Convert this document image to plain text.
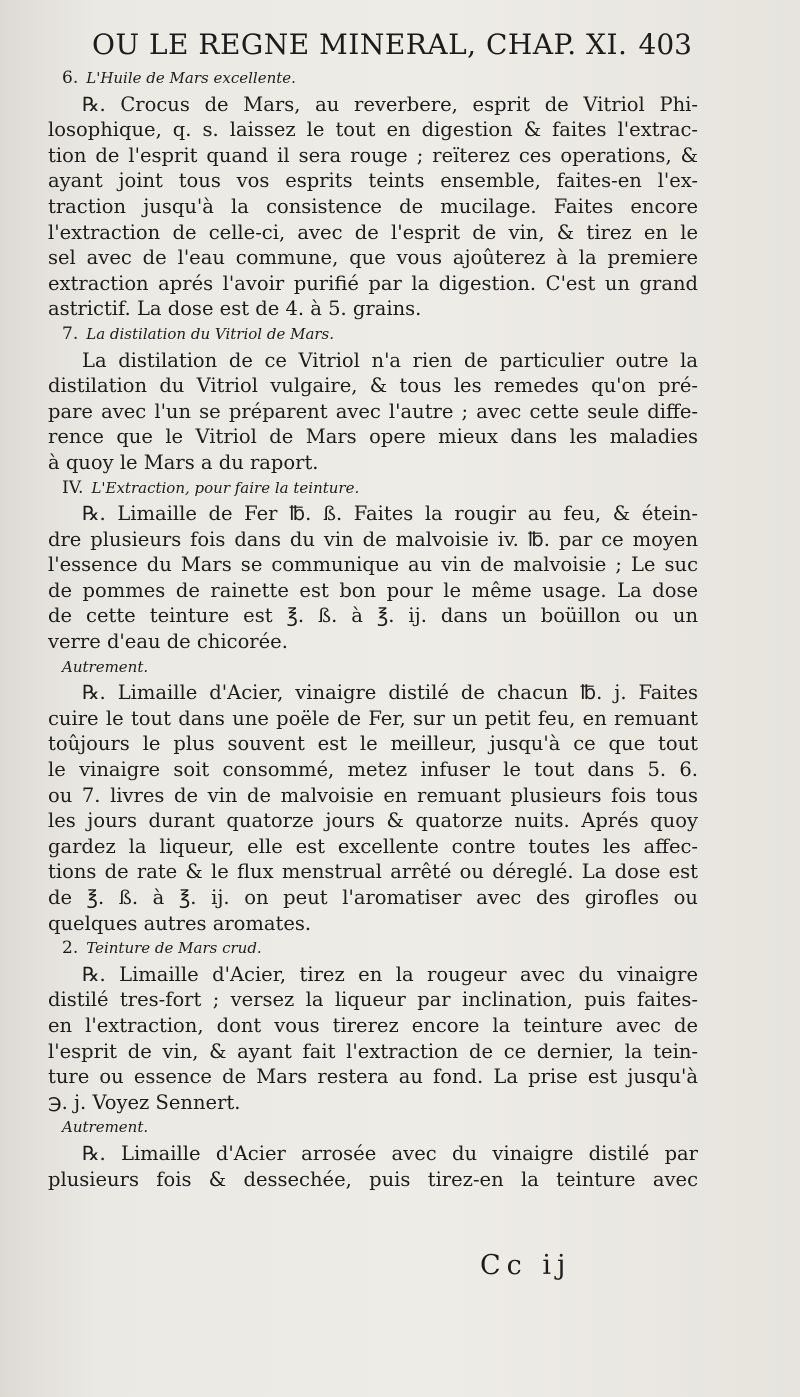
OU LE REGNE MINERAL, CHAP. XI. 403
6. L'Huile de Mars excellente.
℞. Crocus de Mars, au reverbere, esprit de Vitriol Phi-
losophique, q. s. laissez le tout en digestion & faites l'extrac-
tion de l'esprit quand il sera rouge ; reïterez ces operations, &
ayant joint tous vos esprits teints ensemble, faites-en l'ex-
traction jusqu'à la consistence de mucilage. Faites encore
l'extraction de celle-ci, avec de l'esprit de vin, & tirez en le
sel avec de l'eau commune, que vous ajoûterez à la premiere
extraction aprés l'avoir purifié par la digestion. C'est un grand
astrictif. La dose est de 4. à 5. grains.
7. La distilation du Vitriol de Mars.
La distilation de ce Vitriol n'a rien de particulier outre la
distilation du Vitriol vulgaire, & tous les remedes qu'on pré-
pare avec l'un se préparent avec l'autre ; avec cette seule diffe-
rence que le Vitriol de Mars opere mieux dans les maladies
à quoy le Mars a du raport.
IV. L'Extraction, pour faire la teinture.
℞. Limaille de Fer ℔. ß. Faites la rougir au feu, & étein-
dre plusieurs fois dans du vin de malvoisie iv. ℔. par ce moyen
l'essence du Mars se communique au vin de malvoisie ; Le suc
de pommes de rainette est bon pour le même usage. La dose
de cette teinture est ℥. ß. à ℥. ij. dans un boüillon ou un
verre d'eau de chicorée.
Autrement.
℞. Limaille d'Acier, vinaigre distilé de chacun ℔. j. Faites
cuire le tout dans une poële de Fer, sur un petit feu, en remuant
toûjours le plus souvent est le meilleur, jusqu'à ce que tout
le vinaigre soit consommé, metez infuser le tout dans 5. 6.
ou 7. livres de vin de malvoisie en remuant plusieurs fois tous
les jours durant quatorze jours & quatorze nuits. Aprés quoy
gardez la liqueur, elle est excellente contre toutes les affec-
tions de rate & le flux menstrual arrêté ou déreglé. La dose est
de ℥. ß. à ℥. ij. on peut l'aromatiser avec des girofles ou
quelques autres aromates.
2. Teinture de Mars crud.
℞. Limaille d'Acier, tirez en la rougeur avec du vinaigre
distilé tres-fort ; versez la liqueur par inclination, puis faites-
en l'extraction, dont vous tirerez encore la teinture avec de
l'esprit de vin, & ayant fait l'extraction de ce dernier, la tein-
ture ou essence de Mars restera au fond. La prise est jusqu'à
℈. j. Voyez Sennert.
Autrement.
℞. Limaille d'Acier arrosée avec du vinaigre distilé par
plusieurs fois & dessechée, puis tirez-en la teinture avec
Cc ij
